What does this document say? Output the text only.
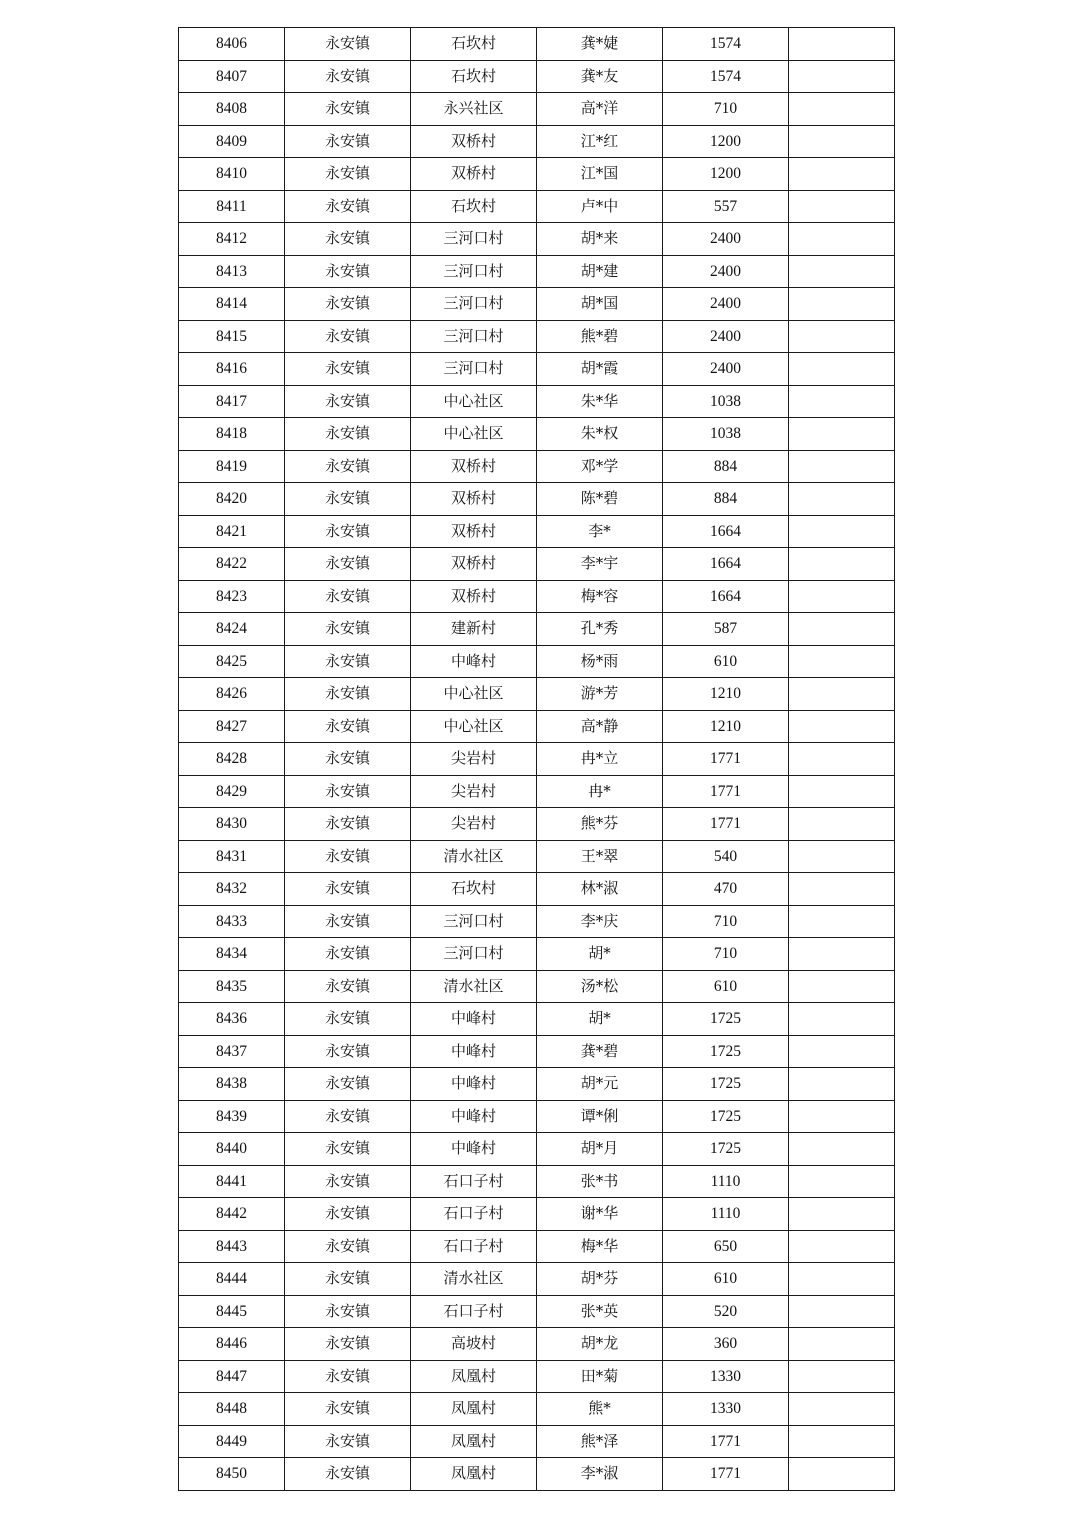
8406	永安镇	石坎村	龚*婕	1574	
8407	永安镇	石坎村	龚*友	1574	
8408	永安镇	永兴社区	高*洋	710	
8409	永安镇	双桥村	江*红	1200	
8410	永安镇	双桥村	江*国	1200	
8411	永安镇	石坎村	卢*中	557	
8412	永安镇	三河口村	胡*来	2400	
8413	永安镇	三河口村	胡*建	2400	
8414	永安镇	三河口村	胡*国	2400	
8415	永安镇	三河口村	熊*碧	2400	
8416	永安镇	三河口村	胡*霞	2400	
8417	永安镇	中心社区	朱*华	1038	
8418	永安镇	中心社区	朱*权	1038	
8419	永安镇	双桥村	邓*学	884	
8420	永安镇	双桥村	陈*碧	884	
8421	永安镇	双桥村	李*	1664	
8422	永安镇	双桥村	李*宇	1664	
8423	永安镇	双桥村	梅*容	1664	
8424	永安镇	建新村	孔*秀	587	
8425	永安镇	中峰村	杨*雨	610	
8426	永安镇	中心社区	游*芳	1210	
8427	永安镇	中心社区	高*静	1210	
8428	永安镇	尖岩村	冉*立	1771	
8429	永安镇	尖岩村	冉*	1771	
8430	永安镇	尖岩村	熊*芬	1771	
8431	永安镇	清水社区	王*翠	540	
8432	永安镇	石坎村	林*淑	470	
8433	永安镇	三河口村	李*庆	710	
8434	永安镇	三河口村	胡*	710	
8435	永安镇	清水社区	汤*松	610	
8436	永安镇	中峰村	胡*	1725	
8437	永安镇	中峰村	龚*碧	1725	
8438	永安镇	中峰村	胡*元	1725	
8439	永安镇	中峰村	谭*俐	1725	
8440	永安镇	中峰村	胡*月	1725	
8441	永安镇	石口子村	张*书	1110	
8442	永安镇	石口子村	谢*华	1110	
8443	永安镇	石口子村	梅*华	650	
8444	永安镇	清水社区	胡*芬	610	
8445	永安镇	石口子村	张*英	520	
8446	永安镇	高坡村	胡*龙	360	
8447	永安镇	凤凰村	田*菊	1330	
8448	永安镇	凤凰村	熊*	1330	
8449	永安镇	凤凰村	熊*泽	1771	
8450	永安镇	凤凰村	李*淑	1771	
